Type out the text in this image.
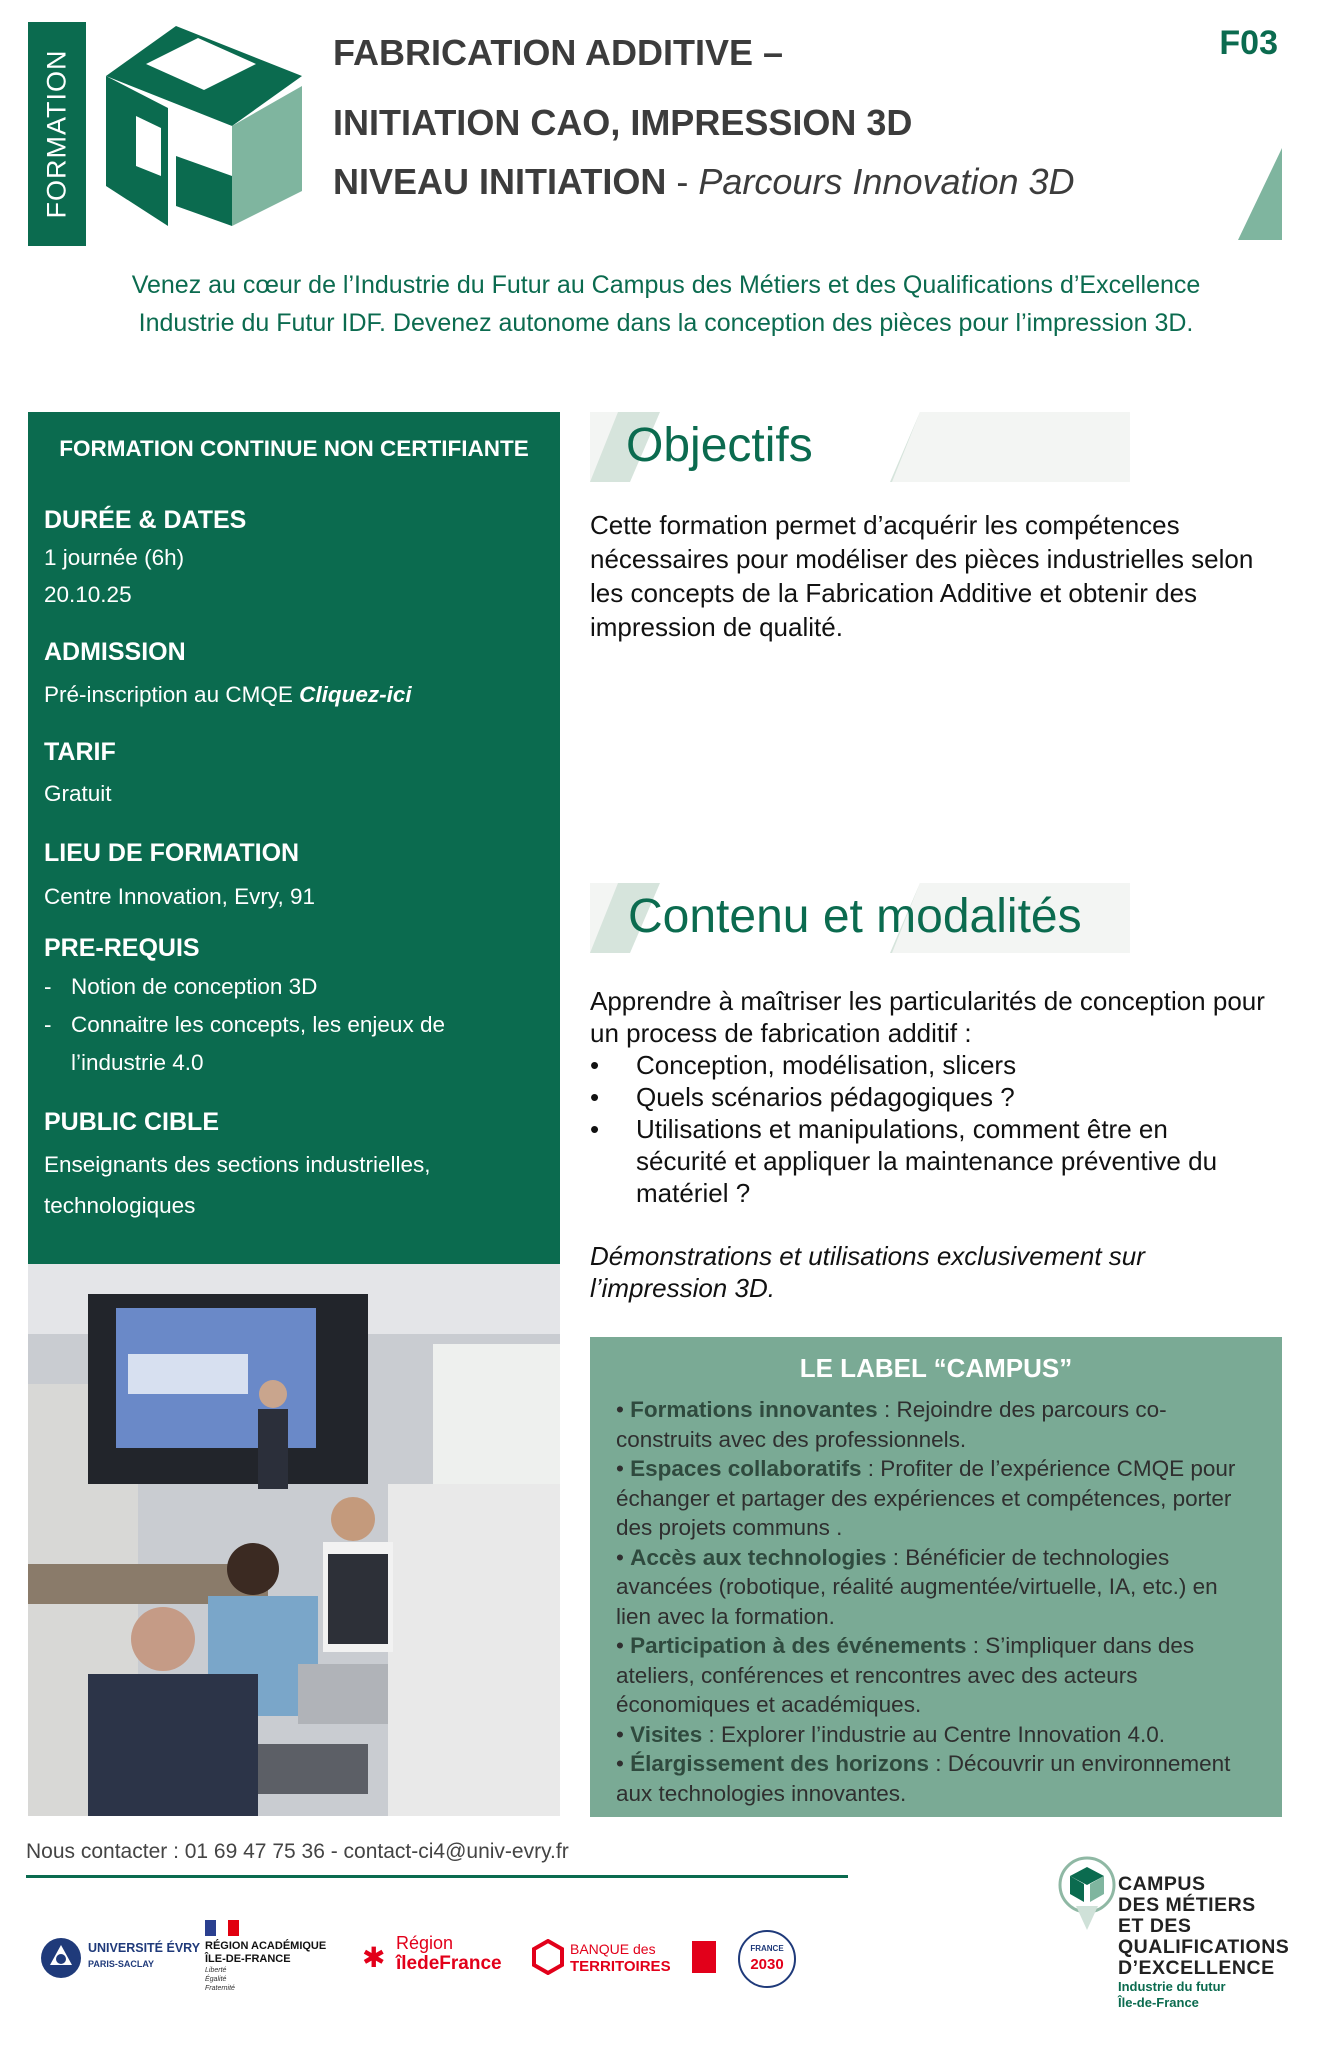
FORMATION	FABRICATION ADDITIVE –
INITIATION CAO, IMPRESSION 3D
NIVEAU INITIATION - Parcours Innovation 3D
F03
Venez au cœur de l’Industrie du Futur au Campus des Métiers et des Qualifications d’Excellence
Industrie du Futur IDF. Devenez autonome dans la conception des pièces pour l’impression 3D.
FORMATION CONTINUE NON CERTIFIANTE
DURÉE & DATES
1 journée (6h)
20.10.25
ADMISSION
Pré-inscription au CMQE Cliquez-ici
TARIF
Gratuit
LIEU DE FORMATION
Centre Innovation, Evry, 91
PRE-REQUIS
- Notion de conception 3D
- Connaitre les concepts, les enjeux de
l’industrie 4.0
PUBLIC CIBLE
Enseignants des sections industrielles,
technologiques
Objectifs
Cette formation permet d’acquérir les compétences nécessaires pour modéliser des pièces industrielles selon les concepts de la Fabrication Additive et obtenir des impression de qualité.
Contenu et modalités
Apprendre à maîtriser les particularités de conception pour un process de fabrication additif :
• Conception, modélisation, slicers
• Quels scénarios pédagogiques ?
• Utilisations et manipulations, comment être en sécurité et appliquer la maintenance préventive du matériel ?
Démonstrations et utilisations exclusivement sur l’impression 3D.
LE LABEL “CAMPUS”
• Formations innovantes : Rejoindre des parcours co-construits avec des professionnels.
• Espaces collaboratifs : Profiter de l’expérience CMQE pour échanger et partager des expériences et compétences, porter des projets communs .
• Accès aux technologies : Bénéficier de technologies avancées (robotique, réalité augmentée/virtuelle, IA, etc.) en lien avec la formation.
• Participation à des événements : S’impliquer dans des ateliers, conférences et rencontres avec des acteurs économiques et académiques.
• Visites : Explorer l’industrie au Centre Innovation 4.0.
• Élargissement des horizons : Découvrir un environnement aux technologies innovantes.
Nous contacter : 01 69 47 75 36 - contact-ci4@univ-evry.fr
UNIVERSITÉ ÉVRY
PARIS-SACLAY
RÉGION ACADÉMIQUE
ÎLE-DE-FRANCE
Liberté
Égalité
Fraternité
✱ Région
îledeFrance
BANQUE des
TERRITOIRES
FRANCE
2030
CAMPUS
DES MÉTIERS
ET DES
QUALIFICATIONS
D’EXCELLENCE
Industrie du futur
Île-de-France
